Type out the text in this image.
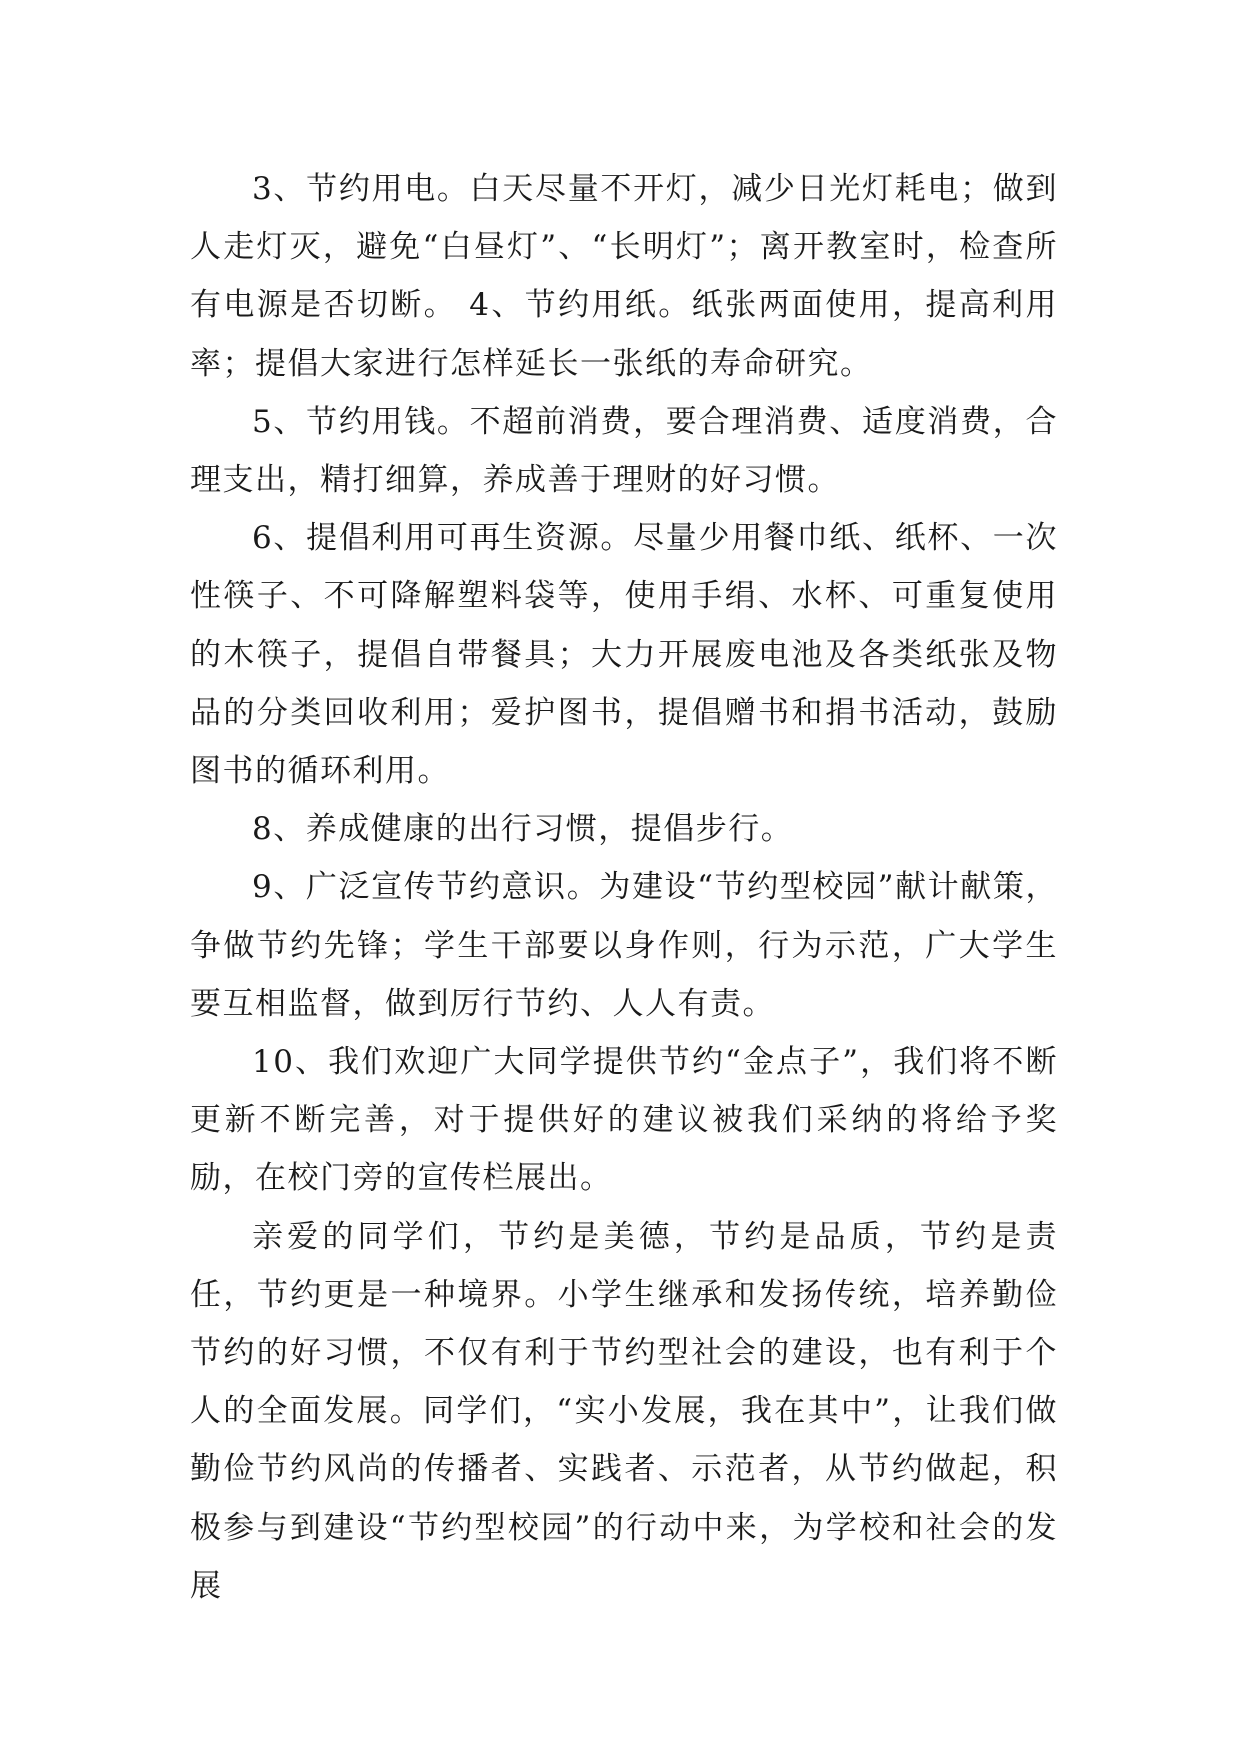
3、节约用电。白天尽量不开灯，减少日光灯耗电；做到人走灯灭，避免“白昼灯”、“长明灯”；离开教室时，检查所有电源是否切断。 4、节约用纸。纸张两面使用，提高利用率；提倡大家进行怎样延长一张纸的寿命研究。

5、节约用钱。不超前消费，要合理消费、适度消费，合理支出，精打细算，养成善于理财的好习惯。

6、提倡利用可再生资源。尽量少用餐巾纸、纸杯、一次性筷子、不可降解塑料袋等，使用手绢、水杯、可重复使用的木筷子，提倡自带餐具；大力开展废电池及各类纸张及物品的分类回收利用；爱护图书，提倡赠书和捐书活动，鼓励图书的循环利用。

8、养成健康的出行习惯，提倡步行。

9、广泛宣传节约意识。为建设“节约型校园”献计献策，争做节约先锋；学生干部要以身作则，行为示范，广大学生要互相监督，做到厉行节约、人人有责。

10、我们欢迎广大同学提供节约“金点子”，我们将不断更新不断完善，对于提供好的建议被我们采纳的将给予奖励，在校门旁的宣传栏展出。

亲爱的同学们，节约是美德，节约是品质，节约是责任，节约更是一种境界。小学生继承和发扬传统，培养勤俭节约的好习惯，不仅有利于节约型社会的建设，也有利于个人的全面发展。同学们，“实小发展，我在其中”，让我们做勤俭节约风尚的传播者、实践者、示范者，从节约做起，积极参与到建设“节约型校园”的行动中来，为学校和社会的发展
